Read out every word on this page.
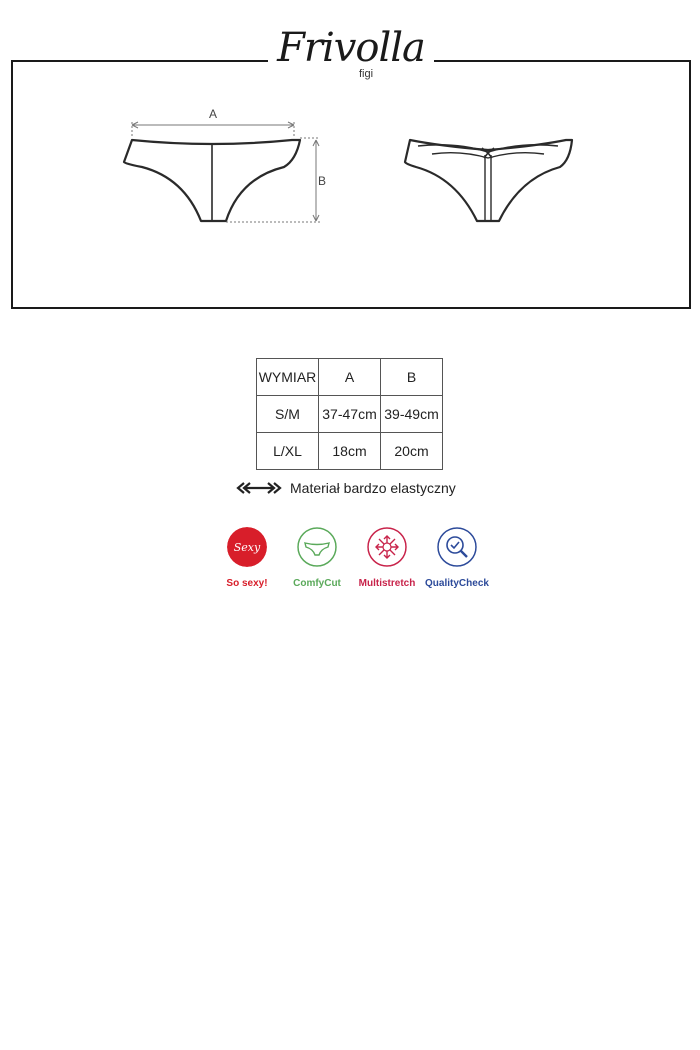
Frivolla
figi
A
B
WYMIAR	A	B
S/M	37-47cm	39-49cm
L/XL	18cm	20cm
Materiał bardzo elastyczny
Sexy
So sexy!	ComfyCut	Multistretch QualityCheck
